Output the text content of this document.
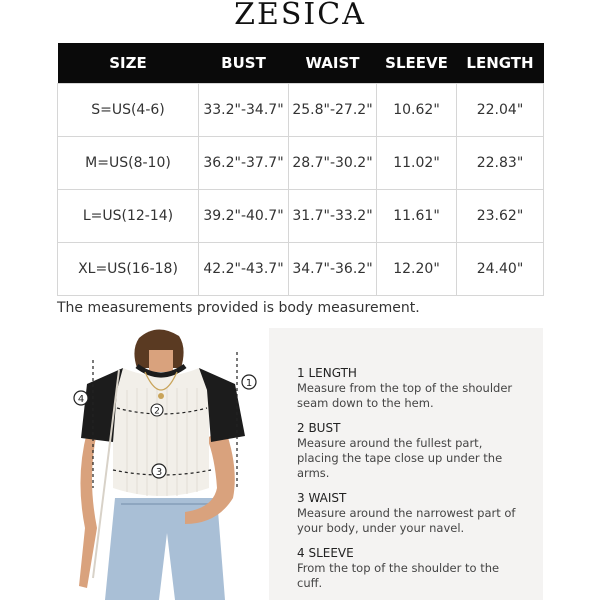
ZESICA
SIZE	BUST	WAIST	SLEEVE	LENGTH
S=US(4-6)	33.2"-34.7"	25.8"-27.2"	10.62"	22.04"
M=US(8-10)	36.2"-37.7"	28.7"-30.2"	11.02"	22.83"
L=US(12-14)	39.2"-40.7"	31.7"-33.2"	11.61"	23.62"
XL=US(16-18)	42.2"-43.7"	34.7"-36.2"	12.20"	24.40"
The measurements provided is body measurement.
4
1
2
3
1 LENGTH
Measure from the top of the shoulder seam down to the hem.
2 BUST
Measure around the fullest part, placing the tape close up under the arms.
3 WAIST
Measure around the narrowest part of your body, under your navel.
4 SLEEVE
From the top of the shoulder to the cuff.
